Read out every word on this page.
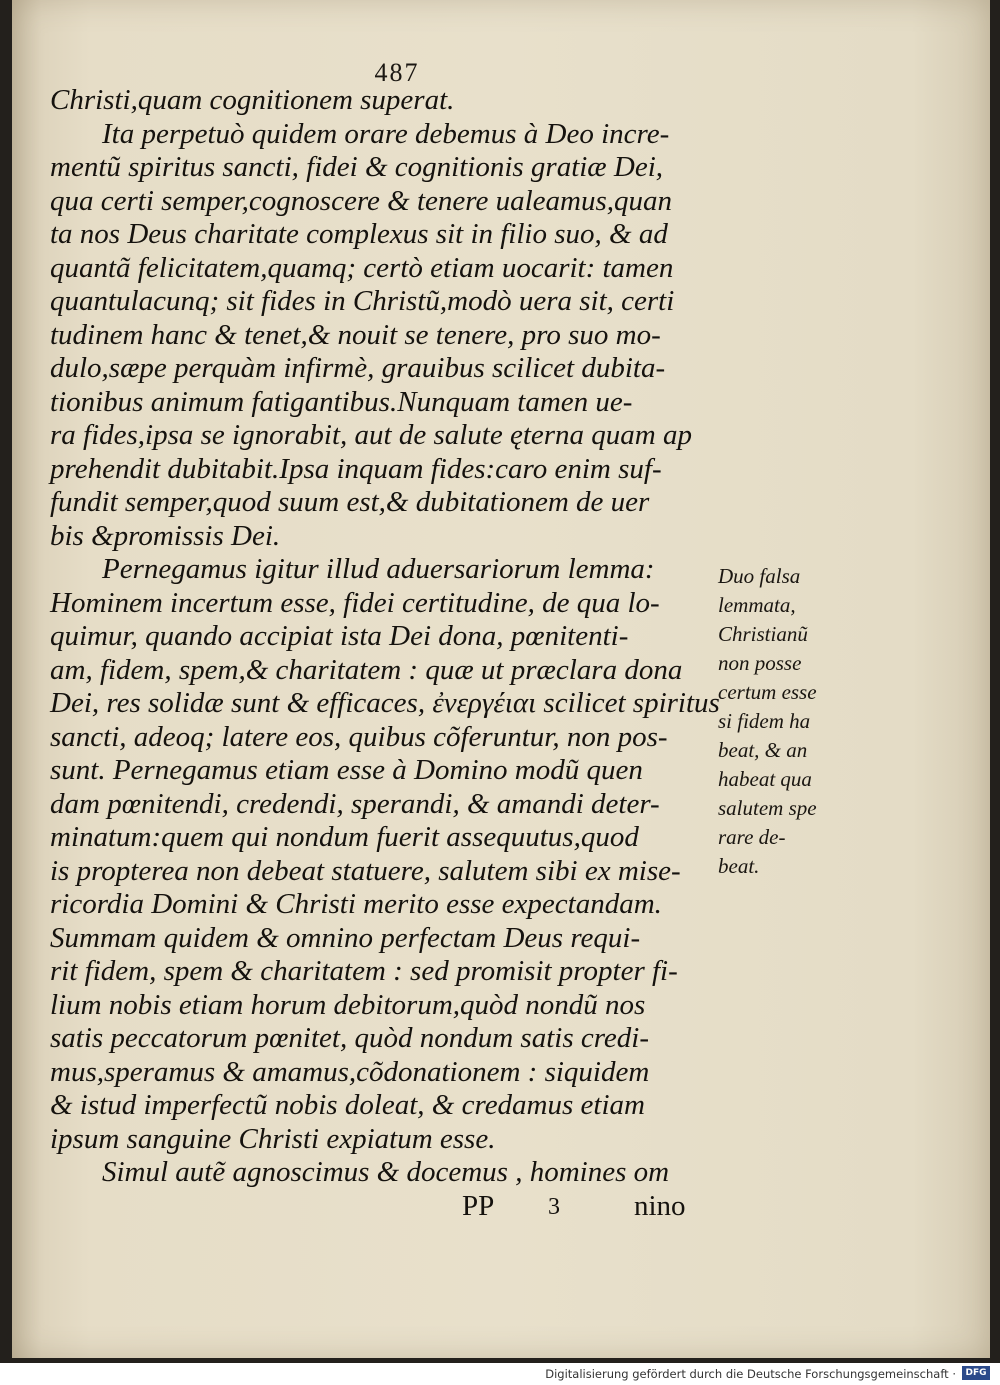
487
Christi,quam cognitionem superat.
Ita perpetuò quidem orare debemus à Deo incre-
mentũ spiritus sancti, fidei & cognitionis gratiæ Dei,
qua certi semper,cognoscere & tenere ualeamus,quan
ta nos Deus charitate complexus sit in filio suo, & ad
quantã felicitatem,quamq; certò etiam uocarit: tamen
quantulacunq; sit fides in Christũ,modò uera sit, certi
tudinem hanc & tenet,& nouit se tenere, pro suo mo-
dulo,sæpe perquàm infirmè, grauibus scilicet dubita-
tionibus animum fatigantibus.Nunquam tamen ue-
ra fides,ipsa se ignorabit, aut de salute ęterna quam ap
prehendit dubitabit.Ipsa inquam fides:caro enim suf-
fundit semper,quod suum est,& dubitationem de uer
bis &promissis Dei.
Pernegamus igitur illud aduersariorum lemma:
Hominem incertum esse, fidei certitudine, de qua lo-
quimur, quando accipiat ista Dei dona, pœnitenti-
am, fidem, spem,& charitatem : quæ ut præclara dona
Dei, res solidæ sunt & efficaces, ἐνεργέιαι scilicet spiritus
sancti, adeoq; latere eos, quibus cõferuntur, non pos-
sunt. Pernegamus etiam esse à Domino modũ quen
dam pœnitendi, credendi, sperandi, & amandi deter-
minatum:quem qui nondum fuerit assequutus,quod
is propterea non debeat statuere, salutem sibi ex mise-
ricordia Domini & Christi merito esse expectandam.
Summam quidem & omnino perfectam Deus requi-
rit fidem, spem & charitatem : sed promisit propter fi-
lium nobis etiam horum debitorum,quòd nondũ nos
satis peccatorum pœnitet, quòd nondum satis credi-
mus,speramus & amamus,cõdonationem : siquidem
& istud imperfectũ nobis doleat, & credamus etiam
ipsum sanguine Christi expiatum esse.
Simul autẽ agnoscimus & docemus , homines om
Duo falsa
lemmata,
Christianũ
non posse
certum esse
si fidem ha
beat, & an
habeat qua
salutem spe
rare de-
beat.
PP 3	nino
Digitalisierung gefördert durch die Deutsche Forschungsgemeinschaft ·	DFG
